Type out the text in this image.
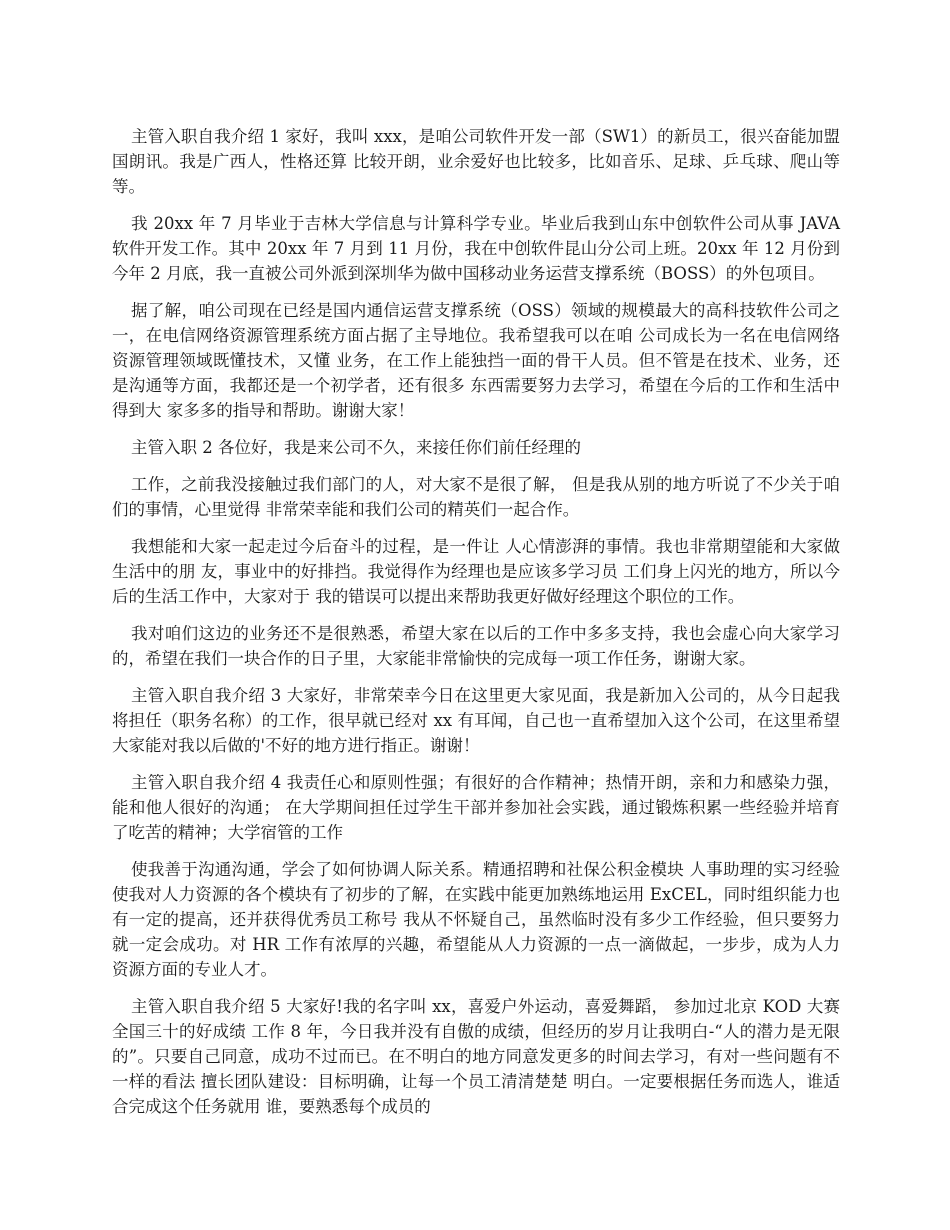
主管入职自我介绍 1 家好，我叫 xxx，是咱公司软件开发一部（SW1）的新员工，很兴奋能加盟国朗讯。我是广西人，性格还算 比较开朗，业余爱好也比较多，比如音乐、足球、乒乓球、爬山等等。

我 20xx 年 7 月毕业于吉林大学信息与计算科学专业。毕业后我到山东中创软件公司从事 JAVA 软件开发工作。其中 20xx 年 7 月到 11 月份，我在中创软件昆山分公司上班。20xx 年 12 月份到今年 2 月底，我一直被公司外派到深圳华为做中国移动业务运营支撑系统（BOSS）的外包项目。

据了解，咱公司现在已经是国内通信运营支撑系统（OSS）领域的规模最大的高科技软件公司之一，在电信网络资源管理系统方面占据了主导地位。我希望我可以在咱 公司成长为一名在电信网络资源管理领域既懂技术，又懂 业务，在工作上能独挡一面的骨干人员。但不管是在技术、业务，还是沟通等方面，我都还是一个初学者，还有很多 东西需要努力去学习，希望在今后的工作和生活中得到大 家多多的指导和帮助。谢谢大家！

主管入职 2 各位好，我是来公司不久，来接任你们前任经理的

工作，之前我没接触过我们部门的人，对大家不是很了解， 但是我从别的地方听说了不少关于咱们的事情，心里觉得 非常荣幸能和我们公司的精英们一起合作。

我想能和大家一起走过今后奋斗的过程，是一件让 人心情澎湃的事情。我也非常期望能和大家做生活中的朋 友，事业中的好排挡。我觉得作为经理也是应该多学习员 工们身上闪光的地方，所以今后的生活工作中，大家对于 我的错误可以提出来帮助我更好做好经理这个职位的工作。

我对咱们这边的业务还不是很熟悉，希望大家在以后的工作中多多支持，我也会虚心向大家学习的，希望在我们一块合作的日子里，大家能非常愉快的完成每一项工作任务，谢谢大家。

主管入职自我介绍 3 大家好，非常荣幸今日在这里更大家见面，我是新加入公司的，从今日起我将担任（职务名称）的工作，很早就已经对 xx 有耳闻，自己也一直希望加入这个公司，在这里希望大家能对我以后做的'不好的地方进行指正。谢谢！

主管入职自我介绍 4 我责任心和原则性强；有很好的合作精神；热情开朗，亲和力和感染力强，能和他人很好的沟通； 在大学期间担任过学生干部并参加社会实践，通过锻炼积累一些经验并培育了吃苦的精神；大学宿管的工作

使我善于沟通沟通，学会了如何协调人际关系。精通招聘和社保公积金模块 人事助理的实习经验使我对人力资源的各个模块有了初步的了解，在实践中能更加熟练地运用 ExCEL，同时组织能力也有一定的提高，还并获得优秀员工称号 我从不怀疑自己，虽然临时没有多少工作经验，但只要努力就一定会成功。对 HR 工作有浓厚的兴趣，希望能从人力资源的一点一滴做起，一步步，成为人力资源方面的专业人才。

主管入职自我介绍 5 大家好!我的名字叫 xx，喜爱户外运动，喜爱舞蹈， 参加过北京 KOD 大赛全国三十的好成绩 工作 8 年，今日我并没有自傲的成绩，但经历的岁月让我明白-“人的潜力是无限的”。只要自己同意，成功不过而已。在不明白的地方同意发更多的时间去学习，有对一些问题有不一样的看法 擅长团队建设：目标明确，让每一个员工清清楚楚 明白。一定要根据任务而选人，谁适合完成这个任务就用 谁，要熟悉每个成员的
